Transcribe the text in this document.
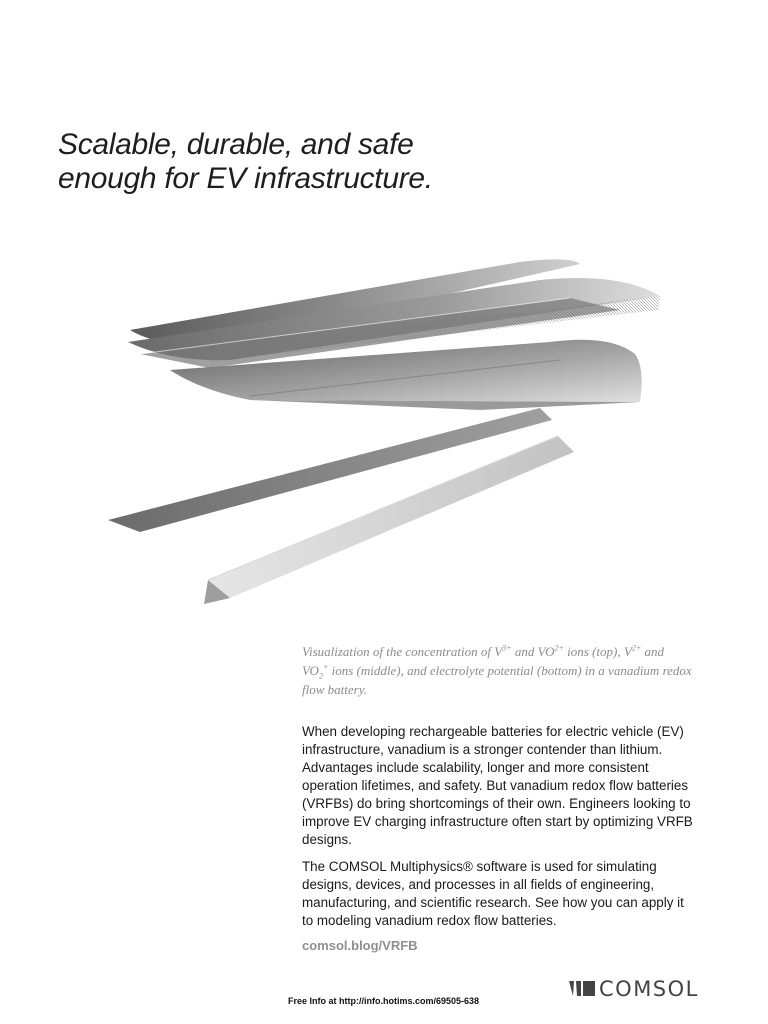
Scalable, durable, and safe
enough for EV infrastructure.

Visualization of the concentration of $V^{3+}$ and $VO^{2+}$ ions (top), $V^{2+}$ and
$VO_2^+$ ions (middle), and electrolyte potential (bottom) in a vanadium redox flow battery.

When developing rechargeable batteries for electric vehicle (EV) infrastructure, vanadium is a stronger contender than lithium. Advantages include scalability, longer and more consistent operation lifetimes, and safety. But vanadium redox flow batteries (VRFBs) do bring shortcomings of their own. Engineers looking to improve EV charging infrastructure often start by optimizing VRFB designs.

The COMSOL Multiphysics® software is used for simulating designs, devices, and processes in all fields of engineering, manufacturing, and scientific research. See how you can apply it to modeling vanadium redox flow batteries.

comsol.blog/VRFB
Free Info at http://info.hotims.com/69505-638	COMSOL
